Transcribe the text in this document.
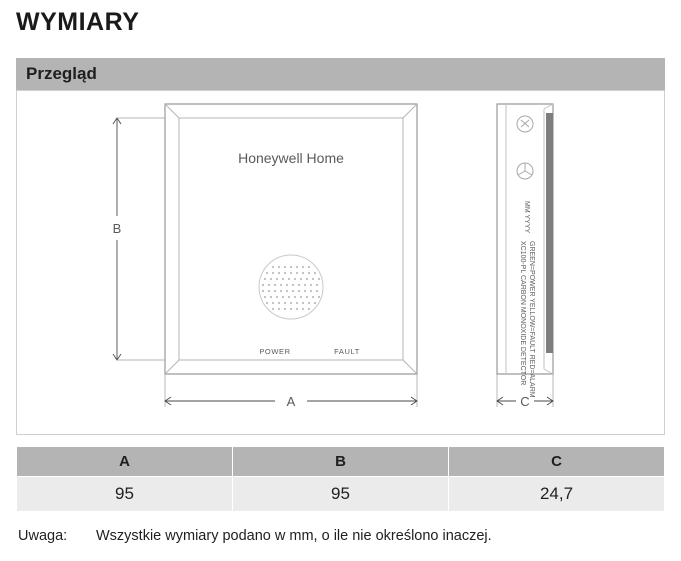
WYMIARY
Przegląd
Honeywell Home
POWER	FAULT
MM YYYY
XC100-PL CARBON MONOXIDE DETECTOR GREEN=POWER YELLOW=FAULT RED=ALARM
B
A	C
A	B	C
95	95	24,7
Uwaga: Wszystkie wymiary podano w mm, o ile nie określono inaczej.
